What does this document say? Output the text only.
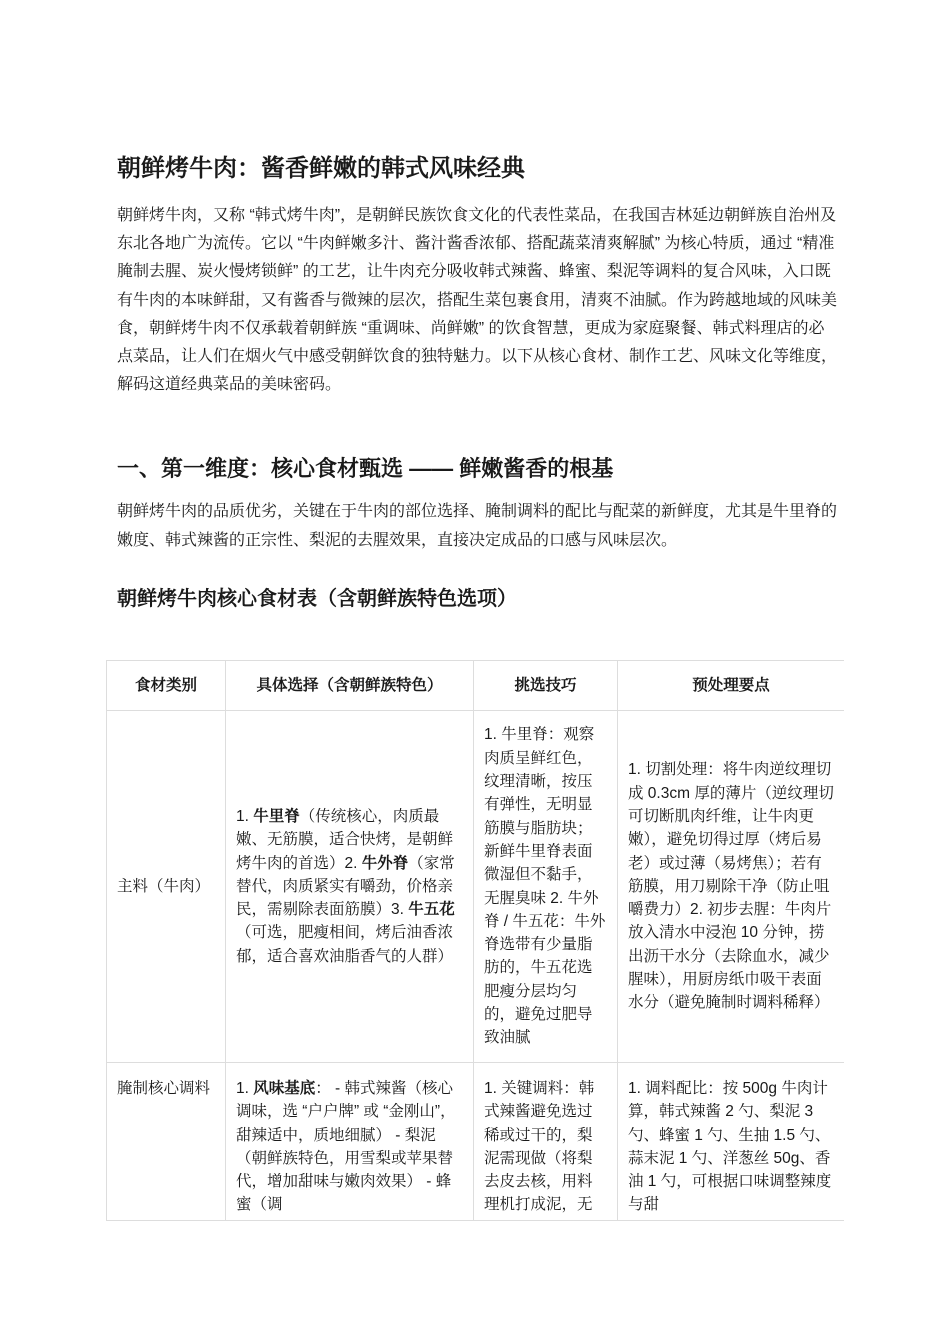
朝鲜烤牛肉：酱香鲜嫩的韩式风味经典

朝鲜烤牛肉，又称 “韩式烤牛肉”，是朝鲜民族饮食文化的代表性菜品，在我国吉林延边朝鲜族自治州及东北各地广为流传。它以 “牛肉鲜嫩多汁、酱汁酱香浓郁、搭配蔬菜清爽解腻” 为核心特质，通过 “精准腌制去腥、炭火慢烤锁鲜” 的工艺，让牛肉充分吸收韩式辣酱、蜂蜜、梨泥等调料的复合风味，入口既有牛肉的本味鲜甜，又有酱香与微辣的层次，搭配生菜包裹食用，清爽不油腻。作为跨越地域的风味美食，朝鲜烤牛肉不仅承载着朝鲜族 “重调味、尚鲜嫩” 的饮食智慧，更成为家庭聚餐、韩式料理店的必点菜品，让人们在烟火气中感受朝鲜饮食的独特魅力。以下从核心食材、制作工艺、风味文化等维度，解码这道经典菜品的美味密码。

一、第一维度：核心食材甄选 —— 鲜嫩酱香的根基

朝鲜烤牛肉的品质优劣，关键在于牛肉的部位选择、腌制调料的配比与配菜的新鲜度，尤其是牛里脊的嫩度、韩式辣酱的正宗性、梨泥的去腥效果，直接决定成品的口感与风味层次。

朝鲜烤牛肉核心食材表（含朝鲜族特色选项）
食材类别	具体选择（含朝鲜族特色）	挑选技巧	预处理要点
主料（牛肉）	1. 牛里脊（传统核心，肉质最嫩、无筋膜，适合快烤，是朝鲜烤牛肉的首选）2. 牛外脊（家常替代，肉质紧实有嚼劲，价格亲民，需剔除表面筋膜）3. 牛五花（可选，肥瘦相间，烤后油香浓郁，适合喜欢油脂香气的人群）	1. 牛里脊：观察肉质呈鲜红色，纹理清晰，按压有弹性，无明显筋膜与脂肪块；新鲜牛里脊表面微湿但不黏手，无腥臭味 2. 牛外脊 / 牛五花：牛外脊选带有少量脂肪的，牛五花选肥瘦分层均匀的，避免过肥导致油腻	1. 切割处理：将牛肉逆纹理切成 0.3cm 厚的薄片（逆纹理切可切断肌肉纤维，让牛肉更嫩），避免切得过厚（烤后易老）或过薄（易烤焦）；若有筋膜，用刀剔除干净（防止咀嚼费力）2. 初步去腥：牛肉片放入清水中浸泡 10 分钟，捞出沥干水分（去除血水，减少腥味），用厨房纸巾吸干表面水分（避免腌制时调料稀释）
腌制核心调料	1. 风味基底： - 韩式辣酱（核心调味，选 “户户牌” 或 “金刚山”，甜辣适中，质地细腻） - 梨泥（朝鲜族特色，用雪梨或苹果替代，增加甜味与嫩肉效果） - 蜂蜜（调	1. 关键调料：韩式辣酱避免选过稀或过干的，梨泥需现做（将梨去皮去核，用料理机打成泥，无	1. 调料配比：按 500g 牛肉计算，韩式辣酱 2 勺、梨泥 3 勺、蜂蜜 1 勺、生抽 1.5 勺、蒜末泥 1 勺、洋葱丝 50g、香油 1 勺，可根据口味调整辣度与甜
